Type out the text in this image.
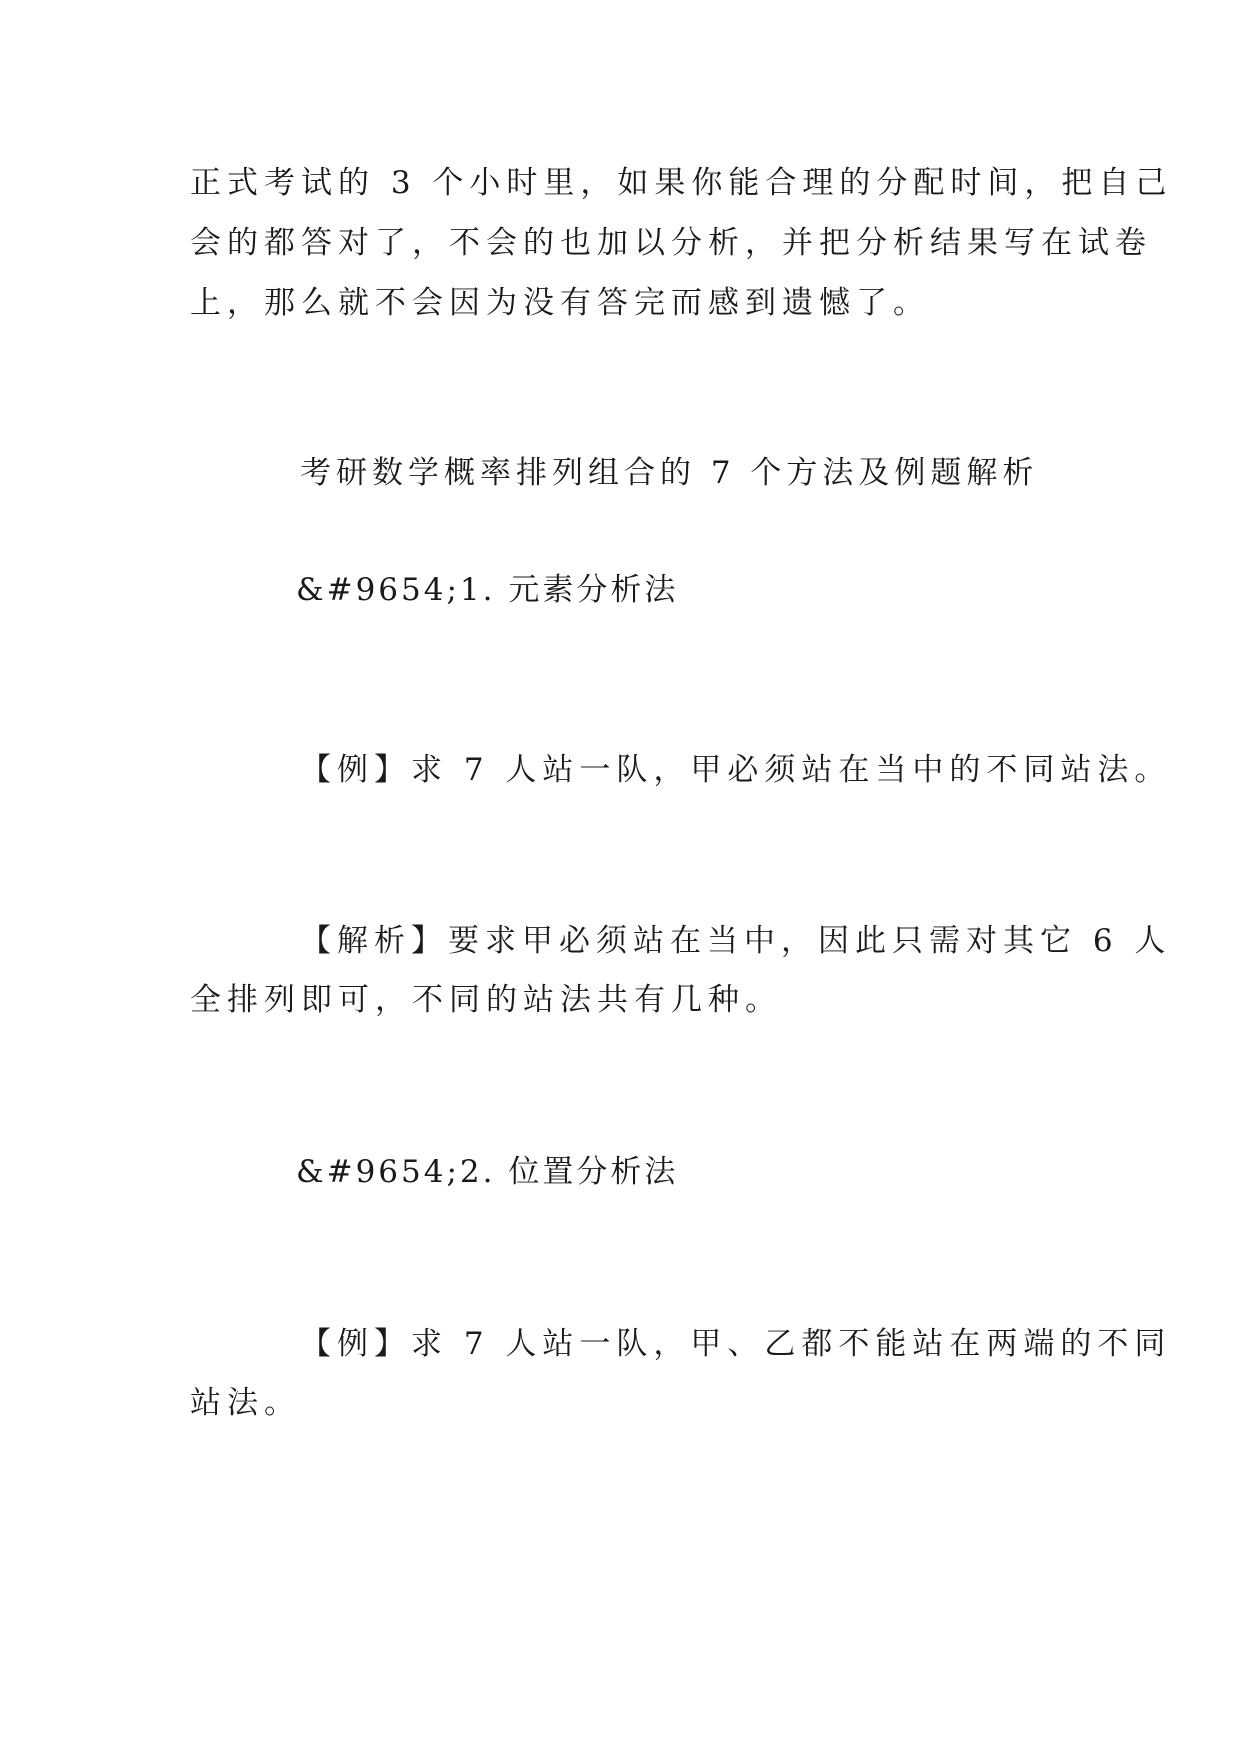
正式考试的 3 个小时里，如果你能合理的分配时间，把自己
会的都答对了，不会的也加以分析，并把分析结果写在试卷
上，那么就不会因为没有答完而感到遗憾了。
考研数学概率排列组合的 7 个方法及例题解析
&#9654;1. 元素分析法
【例】求 7 人站一队，甲必须站在当中的不同站法。
【解析】要求甲必须站在当中，因此只需对其它 6 人
全排列即可，不同的站法共有几种。
&#9654;2. 位置分析法
【例】求 7 人站一队，甲、乙都不能站在两端的不同
站法。
